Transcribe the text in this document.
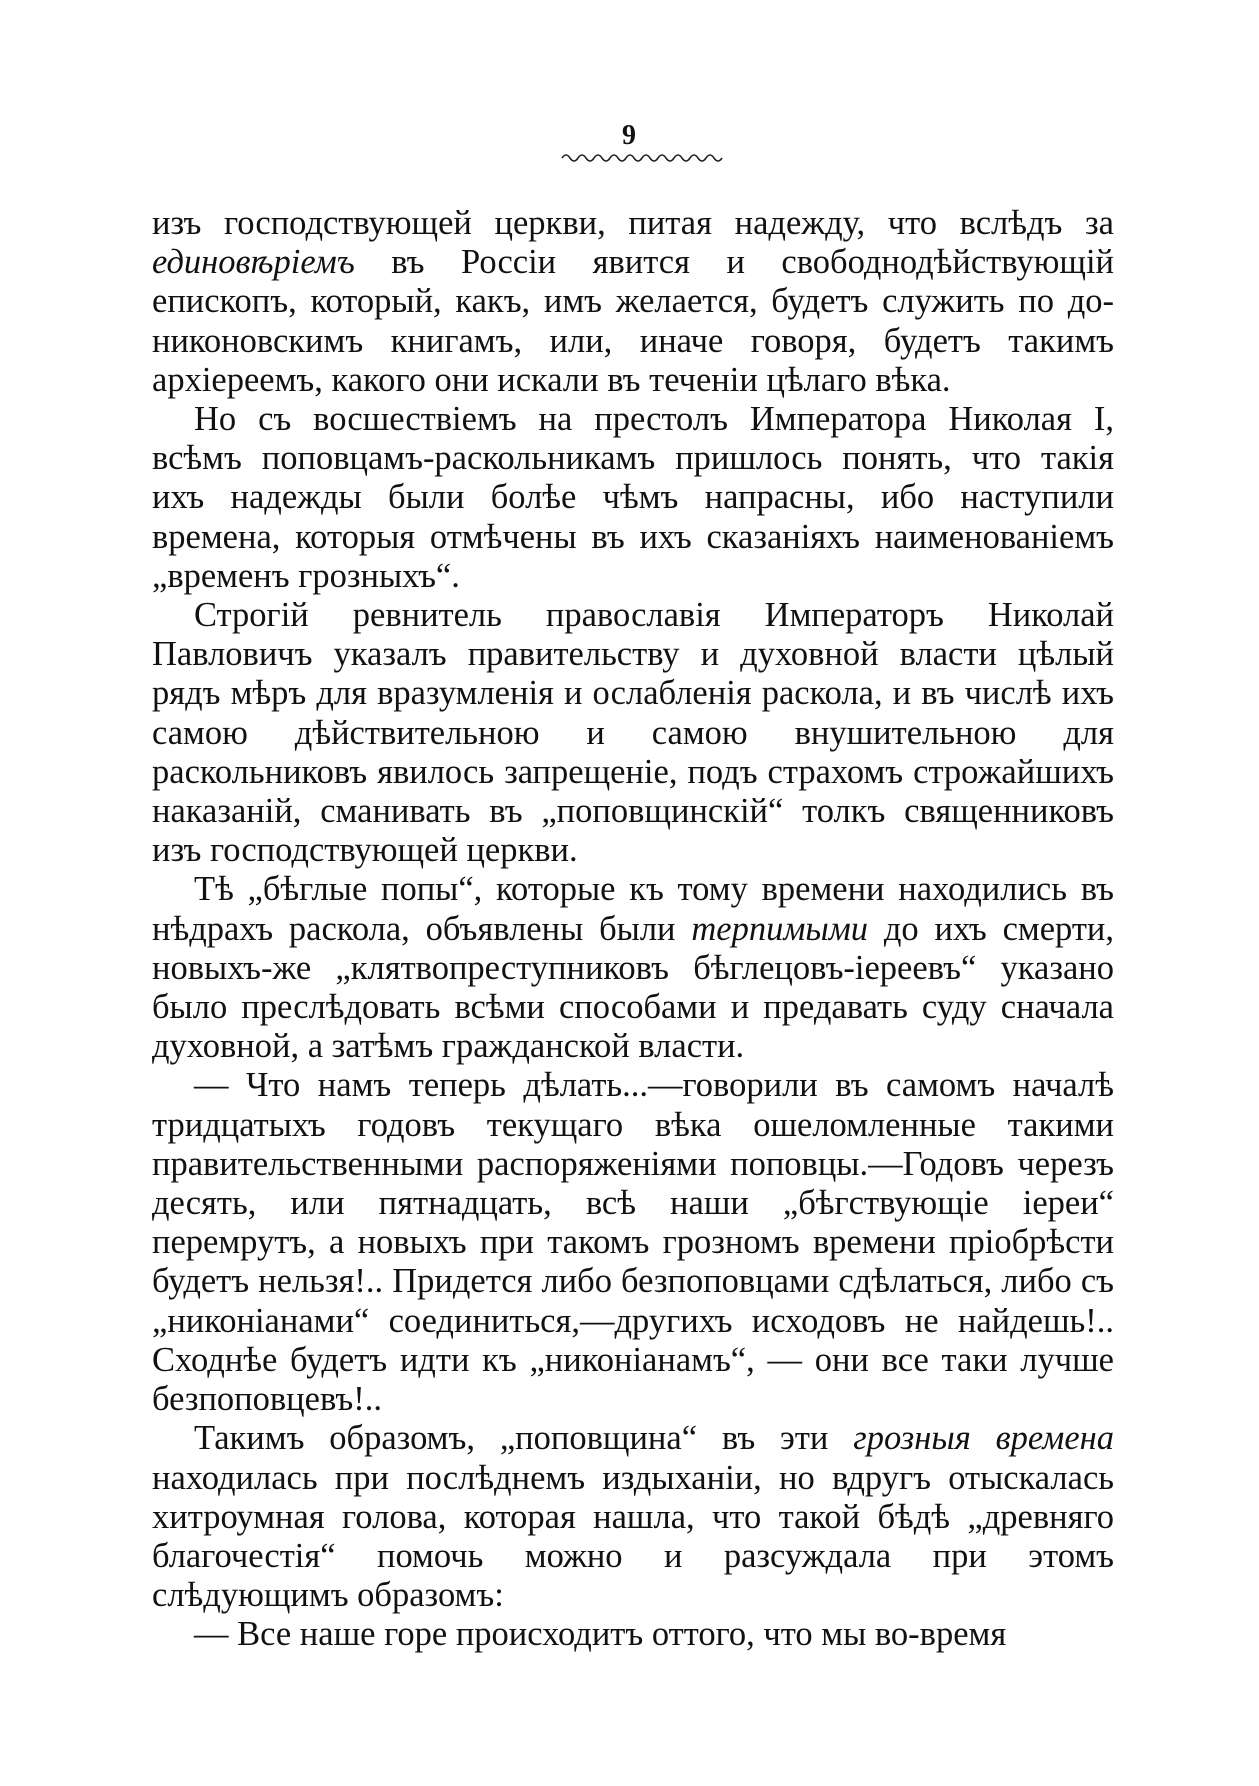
9

изъ господствующей церкви, питая надежду, что вслѣдъ за единовѣріемъ въ Россіи явится и свободнодѣйствующій епископъ, который, какъ, имъ желается, будетъ служить по до-никоновскимъ книгамъ, или, иначе говоря, будетъ такимъ архіереемъ, какого они искали въ теченіи цѣлаго вѣка.

Но съ восшествіемъ на престолъ Императора Николая I, всѣмъ поповцамъ-раскольникамъ пришлось понять, что такія ихъ надежды были болѣе чѣмъ напрасны, ибо наступили времена, которыя отмѣчены въ ихъ сказаніяхъ наименованіемъ „временъ грозныхъ“.

Строгій ревнитель православія Императоръ Николай Павловичъ указалъ правительству и духовной власти цѣлый рядъ мѣръ для вразумленія и ослабленія раскола, и въ числѣ ихъ самою дѣйствительною и самою внушительною для раскольниковъ явилось запрещеніе, подъ страхомъ строжайшихъ наказаній, сманивать въ „поповщинскій“ толкъ священниковъ изъ господствующей церкви.

Тѣ „бѣглые попы“, которые къ тому времени находились въ нѣдрахъ раскола, объявлены были терпимыми до ихъ смерти, новыхъ-же „клятвопреступниковъ бѣглецовъ-іереевъ“ указано было преслѣдовать всѣми способами и предавать суду сначала духовной, а затѣмъ гражданской власти.

— Что намъ теперь дѣлать...—говорили въ самомъ началѣ тридцатыхъ годовъ текущаго вѣка ошеломленные такими правительственными распоряженіями поповцы.—Годовъ черезъ десять, или пятнадцать, всѣ наши „бѣгствующіе іереи“ перемрутъ, а новыхъ при такомъ грозномъ времени пріобрѣсти будетъ нельзя!.. Придется либо безпоповцами сдѣлаться, либо съ „никоніанами“ соединиться,—другихъ исходовъ не найдешь!.. Сходнѣе будетъ идти къ „никоніанамъ“, — они все таки лучше безпоповцевъ!..

Такимъ образомъ, „поповщина“ въ эти грозныя времена находилась при послѣднемъ издыханіи, но вдругъ отыскалась хитроумная голова, которая нашла, что такой бѣдѣ „древняго благочестія“ помочь можно и разсуждала при этомъ слѣдующимъ образомъ:

— Все наше горе происходитъ оттого, что мы во-время
